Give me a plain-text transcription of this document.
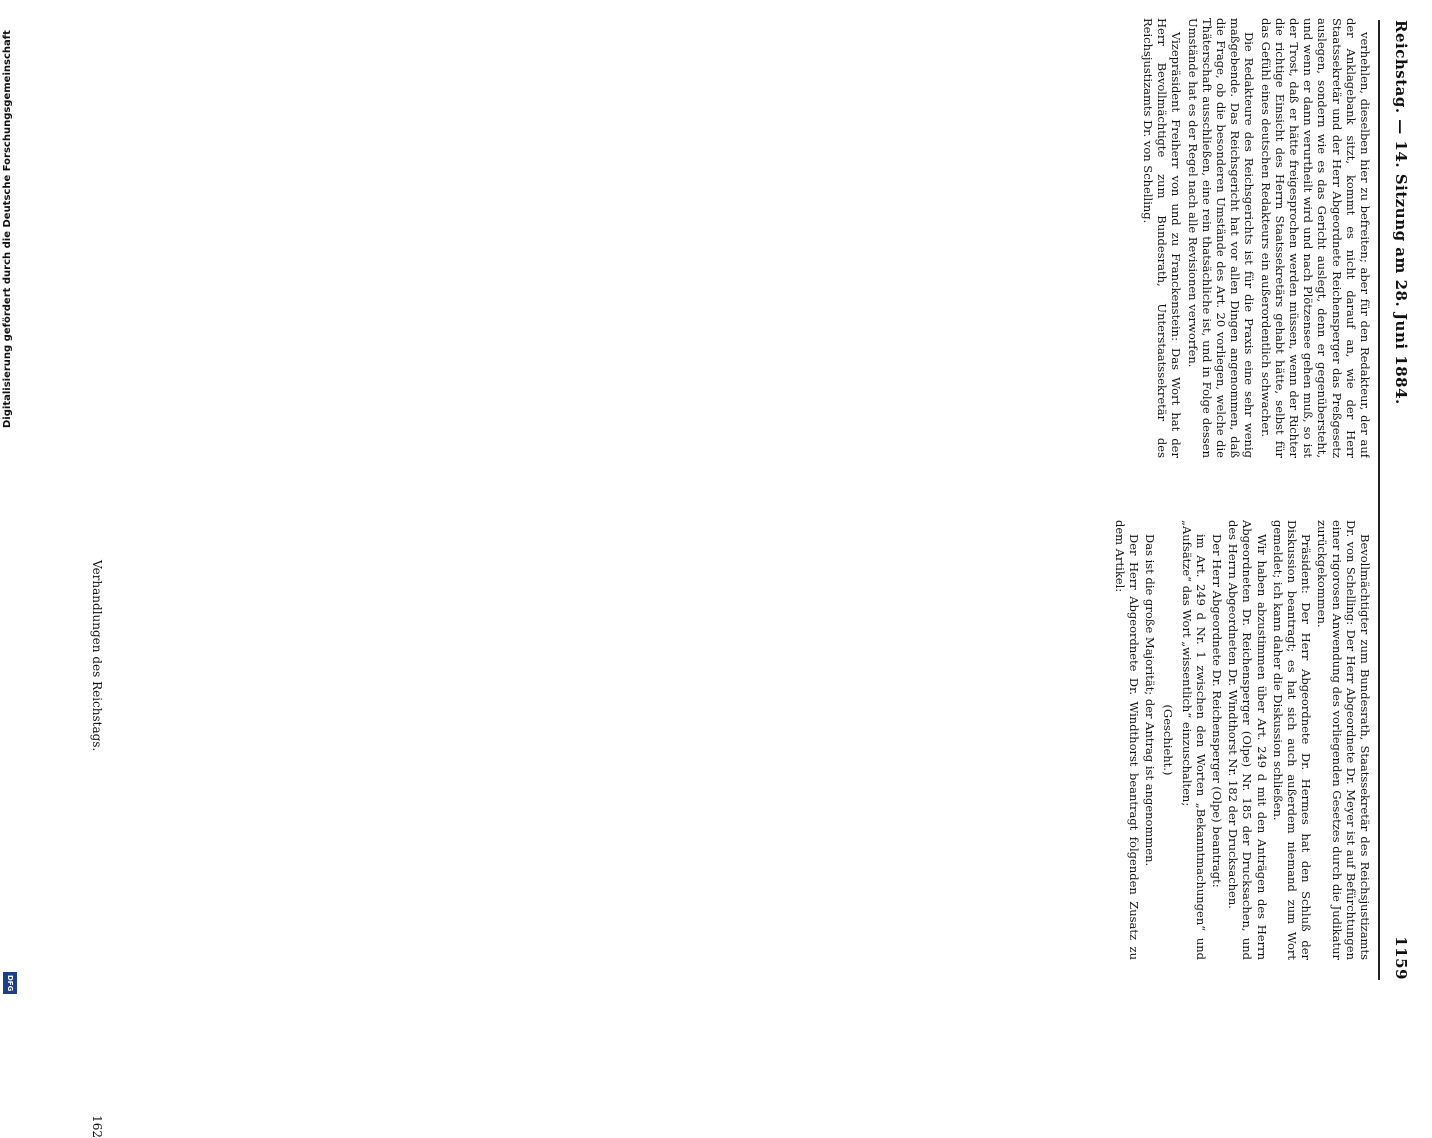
Reichstag. — 14. Sitzung am 28. Juni 1884.
1159

verhehlen, dieselben hier zu befreiten; aber für den Redakteur, der auf der Anklagebank sitzt, kommt es nicht darauf an, wie der Herr Staatssekretär und der Herr Abgeordnete Reichensperger das Preßgesetz auslegen, sondern wie es das Gericht auslegt, denn er gegenübersteht, und wenn er dann verurtheilt wird und nach Plötzensee gehen muß, so ist der Trost, daß er hätte freigesprochen werden müssen, wenn der Richter die richtige Einsicht des Herrn Staatssekretärs gehabt hätte, selbst für das Gefühl eines deutschen Redakteurs ein außerordentlich schwacher.

Die Redakteure des Reichsgerichts ist für die Praxis eine sehr wenig maßgebende. Das Reichsgericht hat vor allen Dingen angenommen, daß die Frage, ob die besonderen Umstände des Art. 20 vorliegen, welche die Thäterschaft ausschließen, eine rein thatsächliche ist, und in Folge dessen Umstände hat es der Regel nach alle Revisionen verworfen.

Vizepräsident Freiherr von und zu Franckenstein: Das Wort hat der Herr Bevollmächtigte zum Bundesrath, Unterstaatssekretär des Reichsjustizamts Dr. von Schelling.

Bevollmächtigter zum Bundesrath, Staatssekretär des Reichsjustizamts Dr. von Schelling: Der Herr Abgeordnete Dr. Meyer ist auf Befürchtungen einer rigorosen Anwendung des vorliegenden Gesetzes durch die Judikatur zurückgekommen.

Präsident: Der Herr Abgeordnete Dr. Hermes hat den Schluß der Diskussion beantragt; es hat sich auch außerdem niemand zum Wort gemeldet; ich kann daher die Diskussion schließen.

Wir haben abzustimmen über Art. 249 d mit den Anträgen des Herrn Abgeordneten Dr. Reichensperger (Olpe) Nr. 185 der Drucksachen, und des Herrn Abgeordneten Dr. Windthorst Nr. 182 der Drucksachen.

Der Herr Abgeordnete Dr. Reichensperger (Olpe) beantragt:

im Art. 249 d Nr. 1 zwischen den Worten „Bekanntmachungen“ und „Aufsätze“ das Wort „wissentlich“ einzuschalten;

(Geschieht.)

Das ist die große Majorität; der Antrag ist angenommen.

Der Herr Abgeordnete Dr. Windthorst beantragt folgenden Zusatz zu dem Artikel:

Verhandlungen des Reichstags. 162
Digitalisierung gefördert durch die Deutsche Forschungsgemeinschaft
DFG
